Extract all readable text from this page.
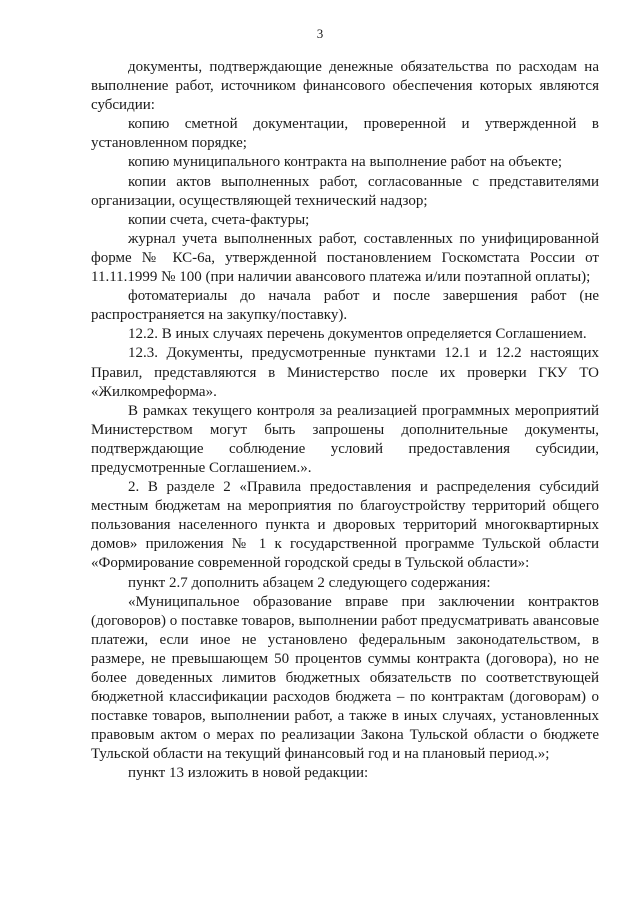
3

документы, подтверждающие денежные обязательства по расходам на выполнение работ, источником финансового обеспечения которых являются субсидии:

копию сметной документации, проверенной и утвержденной в установленном порядке;

копию муниципального контракта на выполнение работ на объекте;

копии актов выполненных работ, согласованные с представителями организации, осуществляющей технический надзор;

копии счета, счета-фактуры;

журнал учета выполненных работ, составленных по унифицированной форме № КС-6а, утвержденной постановлением Госкомстата России от 11.11.1999 № 100 (при наличии авансового платежа и/или поэтапной оплаты);

фотоматериалы до начала работ и после завершения работ (не распространяется на закупку/поставку).

12.2. В иных случаях перечень документов определяется Соглашением.

12.3. Документы, предусмотренные пунктами 12.1 и 12.2 настоящих Правил, представляются в Министерство после их проверки ГКУ ТО «Жилкомреформа».

В рамках текущего контроля за реализацией программных мероприятий Министерством могут быть запрошены дополнительные документы, подтверждающие соблюдение условий предоставления субсидии, предусмотренные Соглашением.».

2. В разделе 2 «Правила предоставления и распределения субсидий местным бюджетам на мероприятия по благоустройству территорий общего пользования населенного пункта и дворовых территорий многоквартирных домов» приложения № 1 к государственной программе Тульской области «Формирование современной городской среды в Тульской области»:

пункт 2.7 дополнить абзацем 2 следующего содержания:

«Муниципальное образование вправе при заключении контрактов (договоров) о поставке товаров, выполнении работ предусматривать авансовые платежи, если иное не установлено федеральным законодательством, в размере, не превышающем 50 процентов суммы контракта (договора), но не более доведенных лимитов бюджетных обязательств по соответствующей бюджетной классификации расходов бюджета – по контрактам (договорам) о поставке товаров, выполнении работ, а также в иных случаях, установленных правовым актом о мерах по реализации Закона Тульской области о бюджете Тульской области на текущий финансовый год и на плановый период.»;

пункт 13 изложить в новой редакции:
